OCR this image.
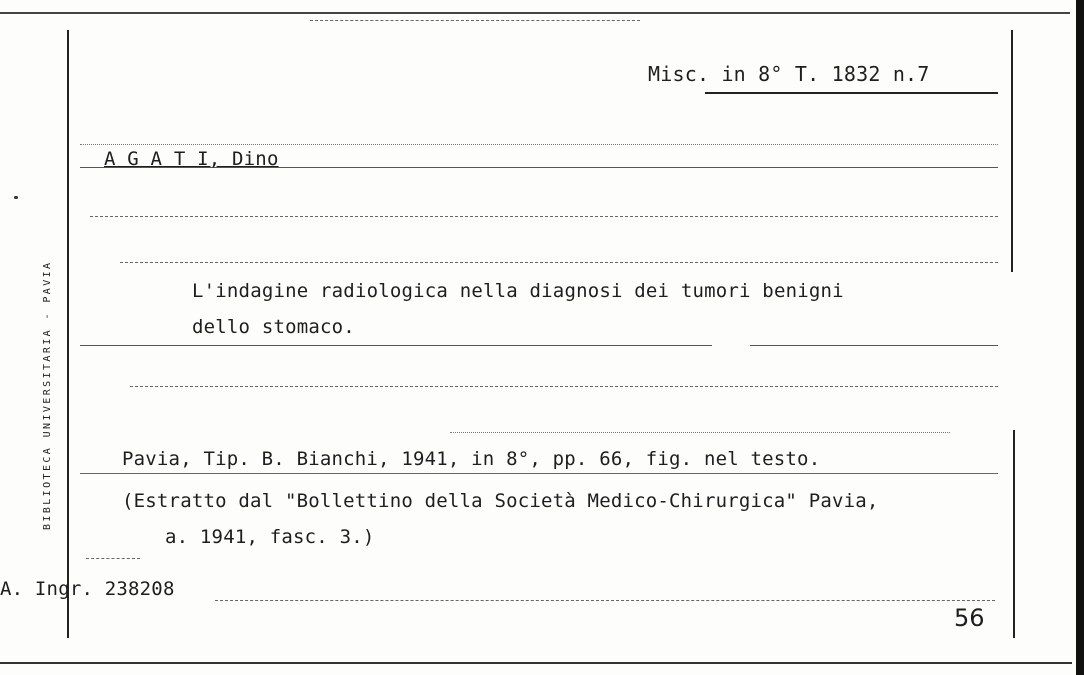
BIBLIOTECA UNIVERSITARIA - PAVIA
Misc. in 8° T. 1832 n.7
A G A T I, Dino
L'indagine radiologica nella diagnosi dei tumori benigni
dello stomaco.
Pavia, Tip. B. Bianchi, 1941, in 8°, pp. 66, fig. nel testo.
(Estratto dal "Bollettino della Società Medico-Chirurgica" Pavia,
a. 1941, fasc. 3.)
A. Ingr. 238208
56
